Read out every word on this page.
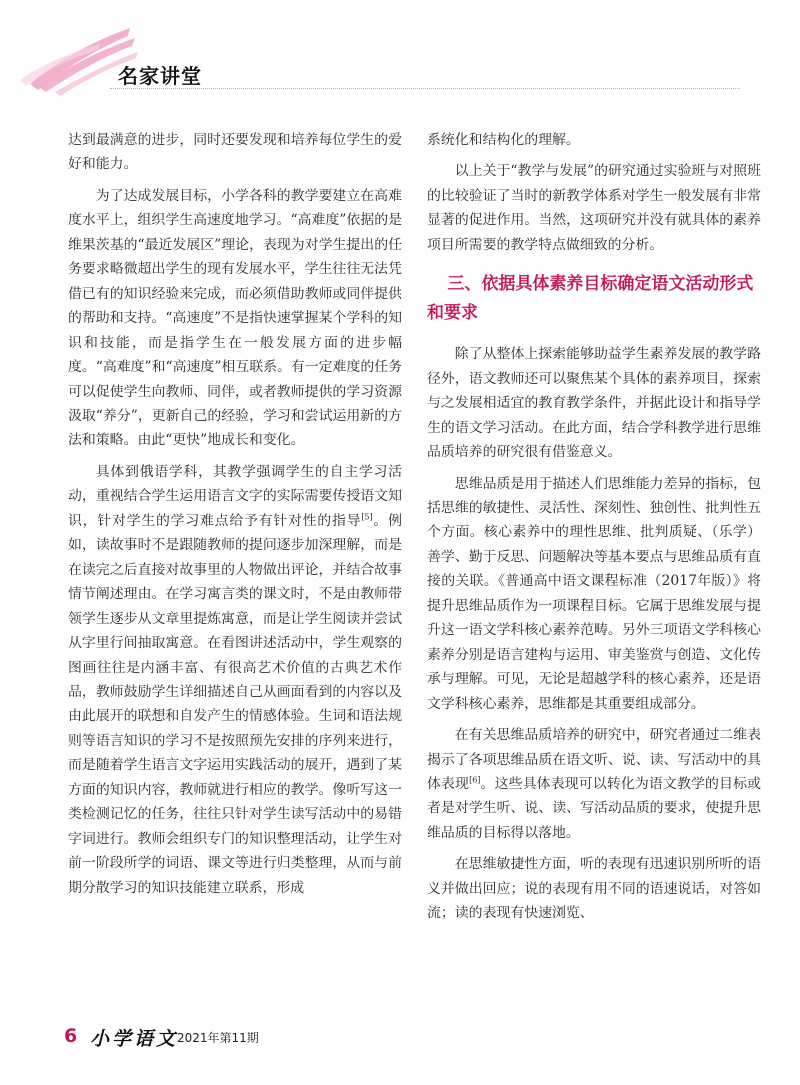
名家讲堂

达到最满意的进步，同时还要发现和培养每位学生的爱好和能力。

为了达成发展目标，小学各科的教学要建立在高难度水平上，组织学生高速度地学习。“高难度”依据的是维果茨基的“最近发展区”理论，表现为对学生提出的任务要求略微超出学生的现有发展水平，学生往往无法凭借已有的知识经验来完成，而必须借助教师或同伴提供的帮助和支持。“高速度”不是指快速掌握某个学科的知识和技能，而是指学生在一般发展方面的进步幅度。“高难度”和“高速度”相互联系。有一定难度的任务可以促使学生向教师、同伴，或者教师提供的学习资源汲取“养分”，更新自己的经验，学习和尝试运用新的方法和策略。由此“更快”地成长和变化。

具体到俄语学科，其教学强调学生的自主学习活动，重视结合学生运用语言文字的实际需要传授语文知识，针对学生的学习难点给予有针对性的指导[5]。例如，读故事时不是跟随教师的提问逐步加深理解，而是在读完之后直接对故事里的人物做出评论，并结合故事情节阐述理由。在学习寓言类的课文时，不是由教师带领学生逐步从文章里提炼寓意，而是让学生阅读并尝试从字里行间抽取寓意。在看图讲述活动中，学生观察的图画往往是内涵丰富、有很高艺术价值的古典艺术作品，教师鼓励学生详细描述自己从画面看到的内容以及由此展开的联想和自发产生的情感体验。生词和语法规则等语言知识的学习不是按照预先安排的序列来进行，而是随着学生语言文字运用实践活动的展开，遇到了某方面的知识内容，教师就进行相应的教学。像听写这一类检测记忆的任务，往往只针对学生读写活动中的易错字词进行。教师会组织专门的知识整理活动，让学生对前一阶段所学的词语、课文等进行归类整理，从而与前期分散学习的知识技能建立联系，形成

系统化和结构化的理解。

以上关于“教学与发展”的研究通过实验班与对照班的比较验证了当时的新教学体系对学生一般发展有非常显著的促进作用。当然，这项研究并没有就具体的素养项目所需要的教学特点做细致的分析。

三、依据具体素养目标确定语文活动形式和要求

除了从整体上探索能够助益学生素养发展的教学路径外，语文教师还可以聚焦某个具体的素养项目，探索与之发展相适宜的教育教学条件，并据此设计和指导学生的语文学习活动。在此方面，结合学科教学进行思维品质培养的研究很有借鉴意义。

思维品质是用于描述人们思维能力差异的指标，包括思维的敏捷性、灵活性、深刻性、独创性、批判性五个方面。核心素养中的理性思维、批判质疑、（乐学）善学、勤于反思、问题解决等基本要点与思维品质有直接的关联。《普通高中语文课程标准（2017年版）》将提升思维品质作为一项课程目标。它属于思维发展与提升这一语文学科核心素养范畴。另外三项语文学科核心素养分别是语言建构与运用、审美鉴赏与创造、文化传承与理解。可见，无论是超越学科的核心素养，还是语文学科核心素养，思维都是其重要组成部分。

在有关思维品质培养的研究中，研究者通过二维表揭示了各项思维品质在语文听、说、读、写活动中的具体表现[6]。这些具体表现可以转化为语文教学的目标或者是对学生听、说、读、写活动品质的要求，使提升思维品质的目标得以落地。

在思维敏捷性方面，听的表现有迅速识别所听的语义并做出回应；说的表现有用不同的语速说话，对答如流；读的表现有快速浏览、

6 小学语文
2021年第11期
